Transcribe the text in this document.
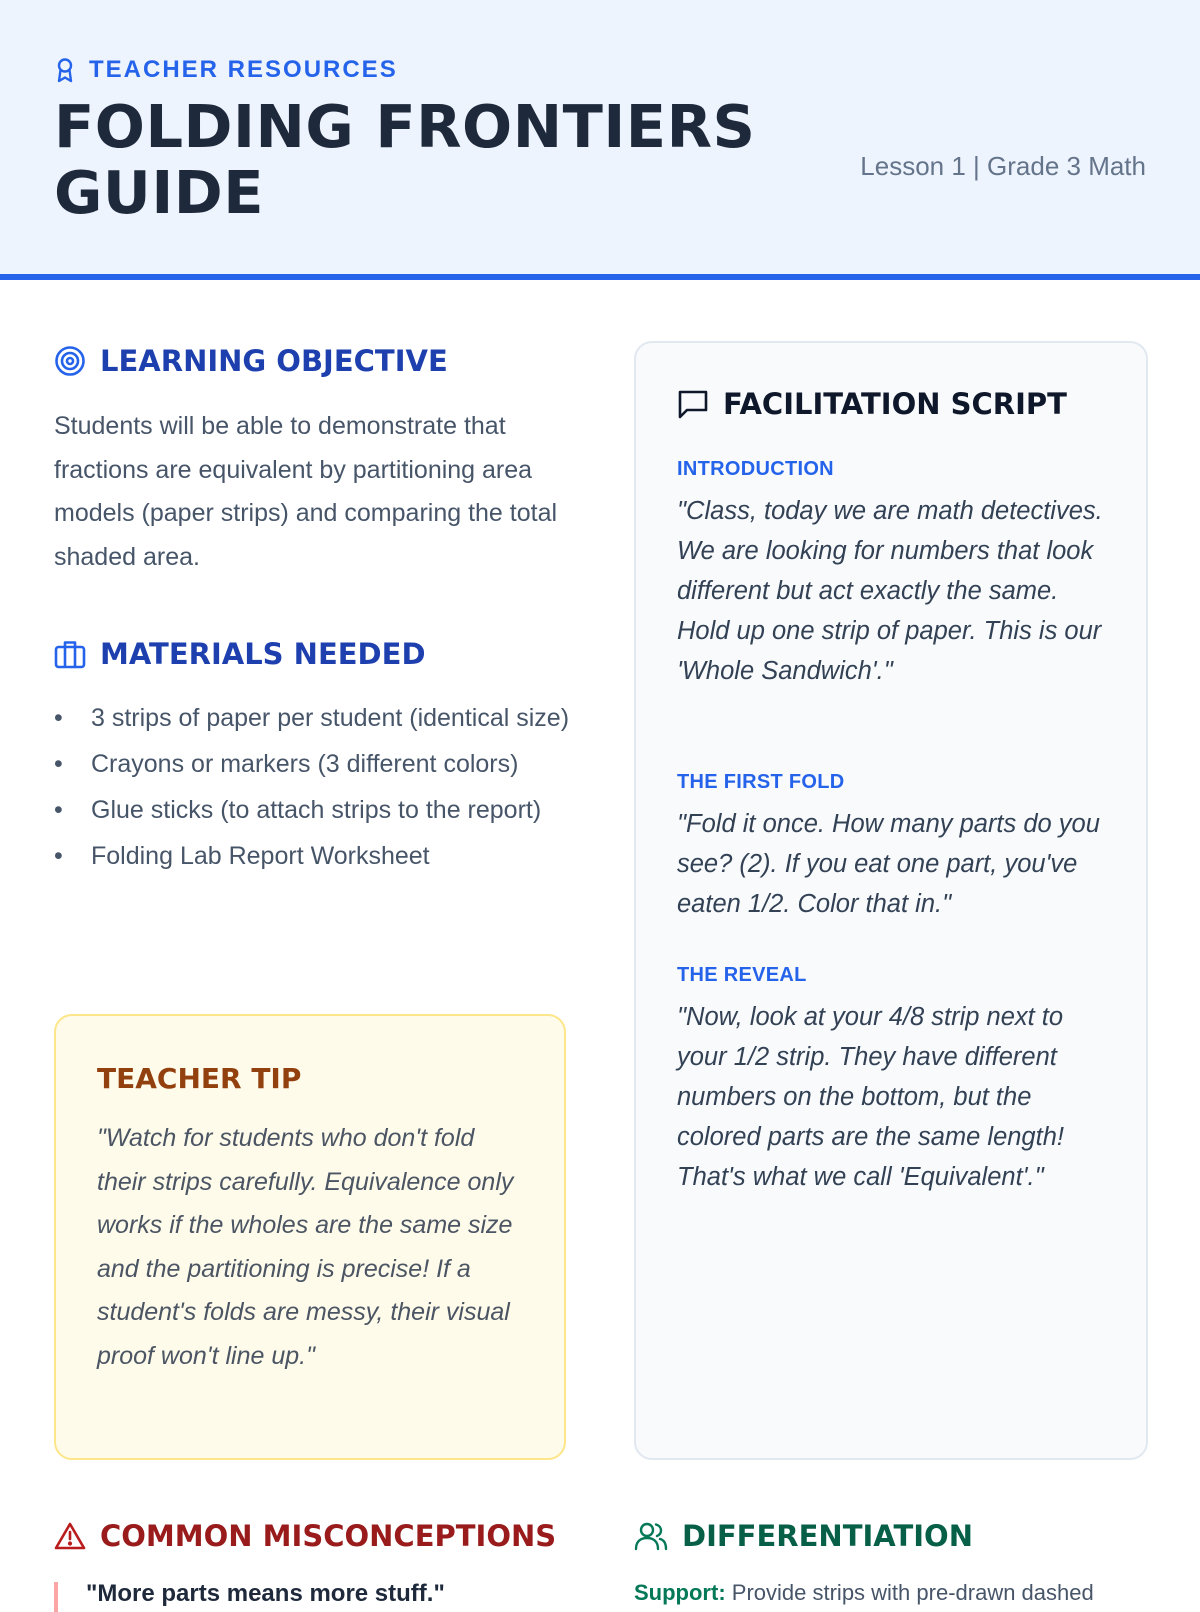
TEACHER RESOURCES
FOLDING FRONTIERS GUIDE	Lesson 1 | Grade 3 Math
LEARNING OBJECTIVE

Students will be able to demonstrate that fractions are equivalent by partitioning area models (paper strips) and comparing the total shaded area.

MATERIALS NEEDED
• 3 strips of paper per student (identical size)
• Crayons or markers (3 different colors)
• Glue sticks (to attach strips to the report)
• Folding Lab Report Worksheet
TEACHER TIP

"Watch for students who don't fold their strips carefully. Equivalence only works if the wholes are the same size and the partitioning is precise! If a student's folds are messy, their visual proof won't line up."

FACILITATION SCRIPT
INTRODUCTION

"Class, today we are math detectives. We are looking for numbers that look different but act exactly the same. Hold up one strip of paper. This is our 'Whole Sandwich'."

THE FIRST FOLD

"Fold it once. How many parts do you see? (2). If you eat one part, you've eaten 1/2. Color that in."

THE REVEAL

"Now, look at your 4/8 strip next to your 1/2 strip. They have different numbers on the bottom, but the colored parts are the same length! That's what we call 'Equivalent'."

COMMON MISCONCEPTIONS

"More parts means more stuff."

DIFFERENTIATION

Support: Provide strips with pre-drawn dashed
